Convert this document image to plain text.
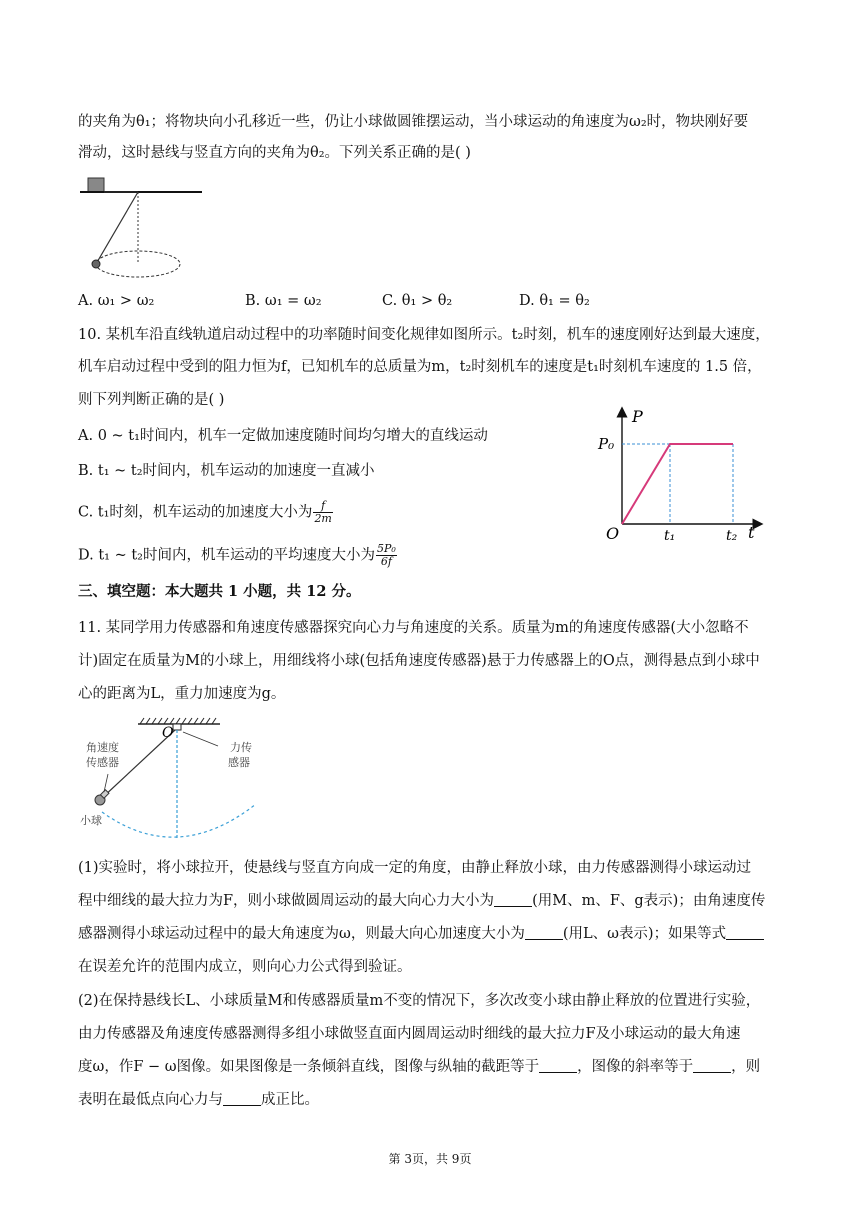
的夹角为θ₁；将物块向小孔移近一些，仍让小球做圆锥摆运动，当小球运动的角速度为ω₂时，物块刚好要
滑动，这时悬线与竖直方向的夹角为θ₂。下列关系正确的是( )
A. ω₁ > ω₂	B. ω₁ = ω₂	C. θ₁ > θ₂	D. θ₁ = θ₂
10. 某机车沿直线轨道启动过程中的功率随时间变化规律如图所示。t₂时刻，机车的速度刚好达到最大速度，
机车启动过程中受到的阻力恒为f，已知机车的总质量为m，t₂时刻机车的速度是t₁时刻机车速度的 1.5 倍，
则下列判断正确的是( )
A. 0 ~ t₁时间内，机车一定做加速度随时间均匀增大的直线运动
B. t₁ ~ t₂时间内，机车运动的加速度一直减小
C. t₁时刻，机车运动的加速度大小为 $\frac{f}{2m}$
D. t₁ ~ t₂时间内，机车运动的平均速度大小为 $\frac{\text{5P₀}}{6f}$
P
t
P₀
O	t₁	t₂
三、填空题：本大题共 1 小题，共 12 分。
11. 某同学用力传感器和角速度传感器探究向心力与角速度的关系。质量为m的角速度传感器(大小忽略不
计)固定在质量为M的小球上，用细线将小球(包括角速度传感器)悬于力传感器上的O点，测得悬点到小球中
心的距离为L，重力加速度为g。
O
角速度
传感器
力传
感器
小球
(1)实验时，将小球拉开，使悬线与竖直方向成一定的角度，由静止释放小球，由力传感器测得小球运动过
程中细线的最大拉力为F，则小球做圆周运动的最大向心力大小为	(用M、m、F、g表示)；由角速度传
感器测得小球运动过程中的最大角速度为ω，则最大向心加速度大小为	(用L、ω表示)；如果等式
在误差允许的范围内成立，则向心力公式得到验证。
(2)在保持悬线长L、小球质量M和传感器质量m不变的情况下，多次改变小球由静止释放的位置进行实验，
由力传感器及角速度传感器测得多组小球做竖直面内圆周运动时细线的最大拉力F及小球运动的最大角速
度ω，作F − ω图像。如果图像是一条倾斜直线，图像与纵轴的截距等于	，图像的斜率等于	，则
表明在最低点向心力与	成正比。
第 3页，共 9页
